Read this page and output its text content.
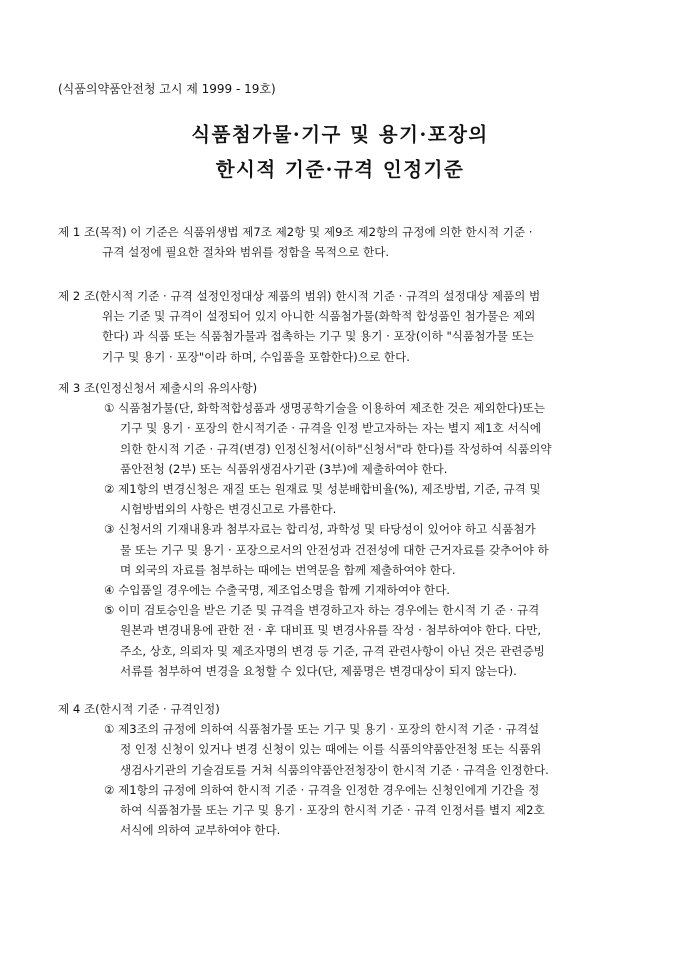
(식품의약품안전청 고시 제 1999 - 19호)
식품첨가물·기구 및 용기·포장의
한시적 기준·규격 인정기준
제 1 조(목적) 이 기준은 식품위생법 제7조 제2항 및 제9조 제2항의 규정에 의한 한시적 기준 ·
규격 설정에 필요한 절차와 범위를 정함을 목적으로 한다.
제 2 조(한시적 기준 · 규격 설정인정대상 제품의 범위) 한시적 기준 · 규격의 설정대상 제품의 범
위는 기준 및 규격이 설정되어 있지 아니한 식품첨가물(화학적 합성품인 첨가물은 제외
한다) 과 식품 또는 식품첨가물과 접촉하는 기구 및 용기 · 포장(이하 "식품첨가물 또는
기구 및 용기 · 포장"이라 하며, 수입품을 포함한다)으로 한다.
제 3 조(인정신청서 제출시의 유의사항)
① 식품첨가물(단, 화학적합성품과 생명공학기술을 이용하여 제조한 것은 제외한다)또는
기구 및 용기 · 포장의 한시적기준 · 규격을 인정 받고자하는 자는 별지 제1호 서식에
의한 한시적 기준 · 규격(변경) 인정신청서(이하"신청서"라 한다)를 작성하여 식품의약
품안전청 (2부) 또는 식품위생검사기관 (3부)에 제출하여야 한다.
② 제1항의 변경신청은 재질 또는 원재료 및 성분배합비율(%), 제조방법, 기준, 규격 및
시험방법외의 사항은 변경신고로 가름한다.
③ 신청서의 기재내용과 첨부자료는 합리성, 과학성 및 타당성이 있어야 하고 식품첨가
물 또는 기구 및 용기 · 포장으로서의 안전성과 건전성에 대한 근거자료를 갖추어야 하
며 외국의 자료를 첨부하는 때에는 번역문을 함께 제출하여야 한다.
④ 수입품일 경우에는 수출국명, 제조업소명을 함께 기재하여야 한다.
⑤ 이미 검토승인을 받은 기준 및 규격을 변경하고자 하는 경우에는 한시적 기 준 · 규격
원본과 변경내용에 관한 전 · 후 대비표 및 변경사유를 작성 · 첨부하여야 한다. 다만,
주소, 상호, 의뢰자 및 제조자명의 변경 등 기준, 규격 관련사항이 아닌 것은 관련증빙
서류를 첨부하여 변경을 요청할 수 있다(단, 제품명은 변경대상이 되지 않는다).
제 4 조(한시적 기준 · 규격인정)
① 제3조의 규정에 의하여 식품첨가물 또는 기구 및 용기 · 포장의 한시적 기준 · 규격설
정 인정 신청이 있거나 변경 신청이 있는 때에는 이를 식품의약품안전청 또는 식품위
생검사기관의 기술검토를 거쳐 식품의약품안전청장이 한시적 기준 · 규격을 인정한다.
② 제1항의 규정에 의하여 한시적 기준 · 규격을 인정한 경우에는 신청인에게 기간을 정
하여 식품첨가물 또는 기구 및 용기 · 포장의 한시적 기준 · 규격 인정서를 별지 제2호
서식에 의하여 교부하여야 한다.
